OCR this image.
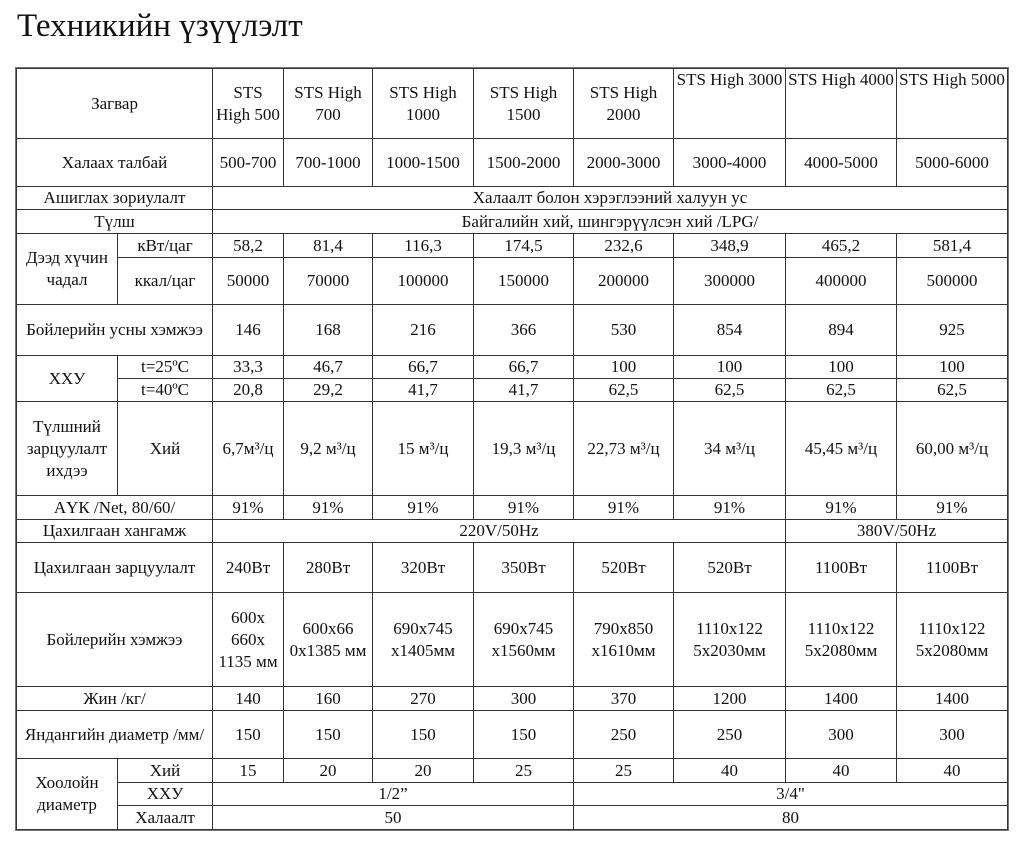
Техникийн үзүүлэлт
Загвар		STS High 500	STS High 700	STS High 1000	STS High 1500	STS High 2000	STS High 3000	STS High 4000	STS High 5000
Халаах талбай		500-700	700-1000	1000-1500	1500-2000	2000-3000	3000-4000	4000-5000	5000-6000
Ашиглах зориулалт		Халаалт болон хэрэглээний халуун ус							
Түлш		Байгалийн хий, шингэрүүлсэн хий /LPG/							
Дээд хүчин чадал	кВт/цаг	58,2	81,4	116,3	174,5	232,6	348,9	465,2	581,4
	ккал/цаг	50000	70000	100000	150000	200000	300000	400000	500000
Бойлерийн усны хэмжээ		146	168	216	366	530	854	894	925
ХХУ	t=25ºC	33,3	46,7	66,7	66,7	100	100	100	100
	t=40ºC	20,8	29,2	41,7	41,7	62,5	62,5	62,5	62,5
Түлшний зарцуулалт ихдээ	Хий	6,7м³/ц	9,2 м³/ц	15 м³/ц	19,3 м³/ц	22,73 м³/ц	34 м³/ц	45,45 м³/ц	60,00 м³/ц
АҮК /Net, 80/60/		91%	91%	91%	91%	91%	91%	91%	91%
Цахилгаан хангамж		220V/50Hz						380V/50Hz	
Цахилгаан зарцуулалт		240Вт	280Вт	320Вт	350Вт	520Вт	520Вт	1100Вт	1100Вт
Бойлерийн хэмжээ		600x 660x 1135 мм	600x66 0x1385 мм	690x745 x1405мм	690x745 x1560мм	790x850 x1610мм	1110x122 5x2030мм	1110x122 5x2080мм	1110x122 5x2080мм
Жин /кг/		140	160	270	300	370	1200	1400	1400
Яндангийн диаметр /мм/		150	150	150	150	250	250	300	300
Хоолойн диаметр	Хий	15	20	20	25	25	40	40	40
	ХХУ	1/2”				3/4"			
	Халаалт	50				80			
